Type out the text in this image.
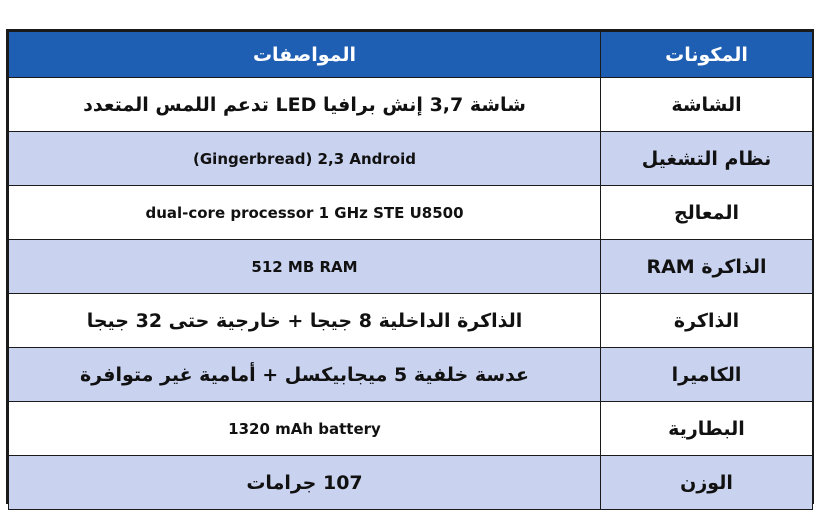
المكونات	المواصفات
الشاشة	شاشة 3,7 إنش برافيا LED تدعم اللمس المتعدد
نظام التشغيل	(Gingerbread) 2,3 Android
المعالج	dual-core processor 1 GHz STE U8500
الذاكرة RAM	512 MB RAM
الذاكرة	الذاكرة الداخلية 8 جيجا + خارجية حتى 32 جيجا
الكاميرا	عدسة خلفية 5 ميجابيكسل + أمامية غير متوافرة
البطارية	1320 mAh battery
الوزن	107 جرامات
